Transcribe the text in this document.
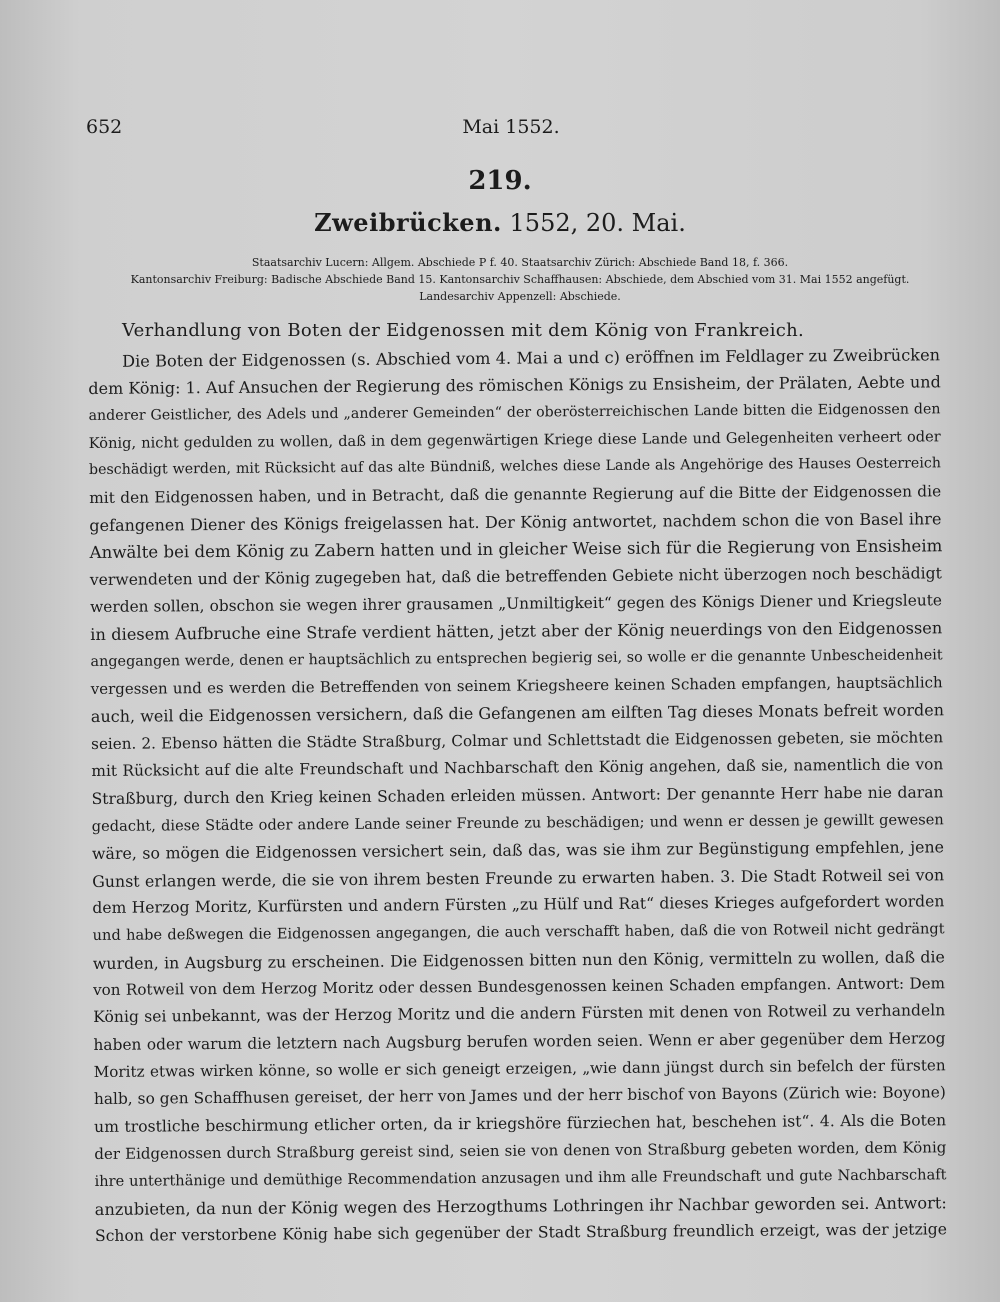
652	Mai 1552.
219.
Zweibrücken. 1552, 20. Mai.
Staatsarchiv Lucern: Allgem. Abschiede P f. 40. Staatsarchiv Zürich: Abschiede Band 18, f. 366.
Kantonsarchiv Freiburg: Badische Abschiede Band 15. Kantonsarchiv Schaffhausen: Abschiede, dem Abschied vom 31. Mai 1552 angefügt.
Landesarchiv Appenzell: Abschiede.
Verhandlung von Boten der Eidgenossen mit dem König von Frankreich.
Die Boten der Eidgenossen (s. Abschied vom 4. Mai a und c) eröffnen im Feldlager zu Zweibrücken
dem König: 1. Auf Ansuchen der Regierung des römischen Königs zu Ensisheim, der Prälaten, Aebte und
anderer Geistlicher, des Adels und „anderer Gemeinden“ der oberösterreichischen Lande bitten die Eidgenossen den
König, nicht gedulden zu wollen, daß in dem gegenwärtigen Kriege diese Lande und Gelegenheiten verheert oder
beschädigt werden, mit Rücksicht auf das alte Bündniß, welches diese Lande als Angehörige des Hauses Oesterreich
mit den Eidgenossen haben, und in Betracht, daß die genannte Regierung auf die Bitte der Eidgenossen die
gefangenen Diener des Königs freigelassen hat. Der König antwortet, nachdem schon die von Basel ihre
Anwälte bei dem König zu Zabern hatten und in gleicher Weise sich für die Regierung von Ensisheim
verwendeten und der König zugegeben hat, daß die betreffenden Gebiete nicht überzogen noch beschädigt
werden sollen, obschon sie wegen ihrer grausamen „Unmiltigkeit“ gegen des Königs Diener und Kriegsleute
in diesem Aufbruche eine Strafe verdient hätten, jetzt aber der König neuerdings von den Eidgenossen
angegangen werde, denen er hauptsächlich zu entsprechen begierig sei, so wolle er die genannte Unbescheidenheit
vergessen und es werden die Betreffenden von seinem Kriegsheere keinen Schaden empfangen, hauptsächlich
auch, weil die Eidgenossen versichern, daß die Gefangenen am eilften Tag dieses Monats befreit worden
seien. 2. Ebenso hätten die Städte Straßburg, Colmar und Schlettstadt die Eidgenossen gebeten, sie möchten
mit Rücksicht auf die alte Freundschaft und Nachbarschaft den König angehen, daß sie, namentlich die von
Straßburg, durch den Krieg keinen Schaden erleiden müssen. Antwort: Der genannte Herr habe nie daran
gedacht, diese Städte oder andere Lande seiner Freunde zu beschädigen; und wenn er dessen je gewillt gewesen
wäre, so mögen die Eidgenossen versichert sein, daß das, was sie ihm zur Begünstigung empfehlen, jene
Gunst erlangen werde, die sie von ihrem besten Freunde zu erwarten haben. 3. Die Stadt Rotweil sei von
dem Herzog Moritz, Kurfürsten und andern Fürsten „zu Hülf und Rat“ dieses Krieges aufgefordert worden
und habe deßwegen die Eidgenossen angegangen, die auch verschafft haben, daß die von Rotweil nicht gedrängt
wurden, in Augsburg zu erscheinen. Die Eidgenossen bitten nun den König, vermitteln zu wollen, daß die
von Rotweil von dem Herzog Moritz oder dessen Bundesgenossen keinen Schaden empfangen. Antwort: Dem
König sei unbekannt, was der Herzog Moritz und die andern Fürsten mit denen von Rotweil zu verhandeln
haben oder warum die letztern nach Augsburg berufen worden seien. Wenn er aber gegenüber dem Herzog
Moritz etwas wirken könne, so wolle er sich geneigt erzeigen, „wie dann jüngst durch sin befelch der fürsten
halb, so gen Schaffhusen gereiset, der herr von James und der herr bischof von Bayons (Zürich wie: Boyone)
um trostliche beschirmung etlicher orten, da ir kriegshöre fürziechen hat, beschehen ist“. 4. Als die Boten
der Eidgenossen durch Straßburg gereist sind, seien sie von denen von Straßburg gebeten worden, dem König
ihre unterthänige und demüthige Recommendation anzusagen und ihm alle Freundschaft und gute Nachbarschaft
anzubieten, da nun der König wegen des Herzogthums Lothringen ihr Nachbar geworden sei. Antwort:
Schon der verstorbene König habe sich gegenüber der Stadt Straßburg freundlich erzeigt, was der jetzige
